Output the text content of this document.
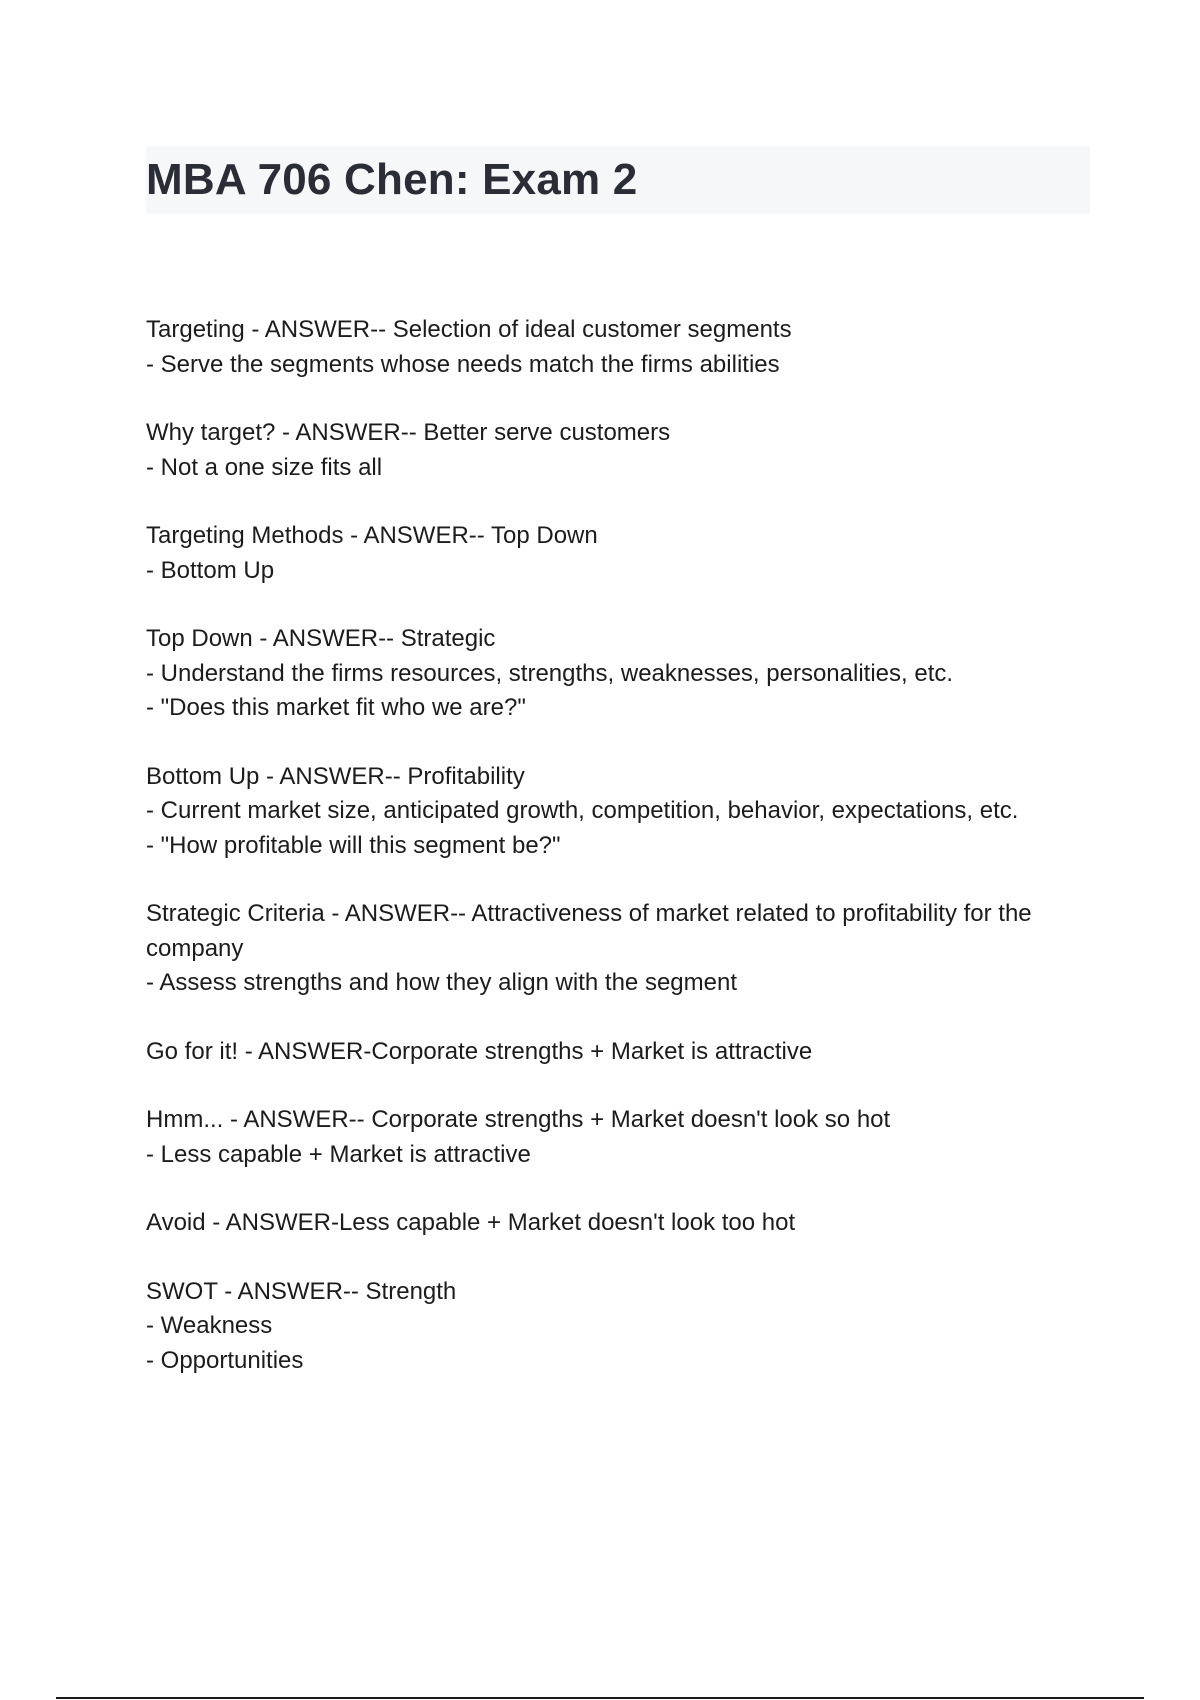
MBA 706 Chen: Exam 2
Targeting - ANSWER-- Selection of ideal customer segments
- Serve the segments whose needs match the firms abilities
Why target? - ANSWER-- Better serve customers
- Not a one size fits all
Targeting Methods - ANSWER-- Top Down
- Bottom Up
Top Down - ANSWER-- Strategic
- Understand the firms resources, strengths, weaknesses, personalities, etc.
- "Does this market fit who we are?"
Bottom Up - ANSWER-- Profitability
- Current market size, anticipated growth, competition, behavior, expectations, etc.
- "How profitable will this segment be?"
Strategic Criteria - ANSWER-- Attractiveness of market related to profitability for the company
- Assess strengths and how they align with the segment
Go for it! - ANSWER-Corporate strengths + Market is attractive
Hmm... - ANSWER-- Corporate strengths + Market doesn't look so hot
- Less capable + Market is attractive
Avoid - ANSWER-Less capable + Market doesn't look too hot
SWOT - ANSWER-- Strength
- Weakness
- Opportunities
